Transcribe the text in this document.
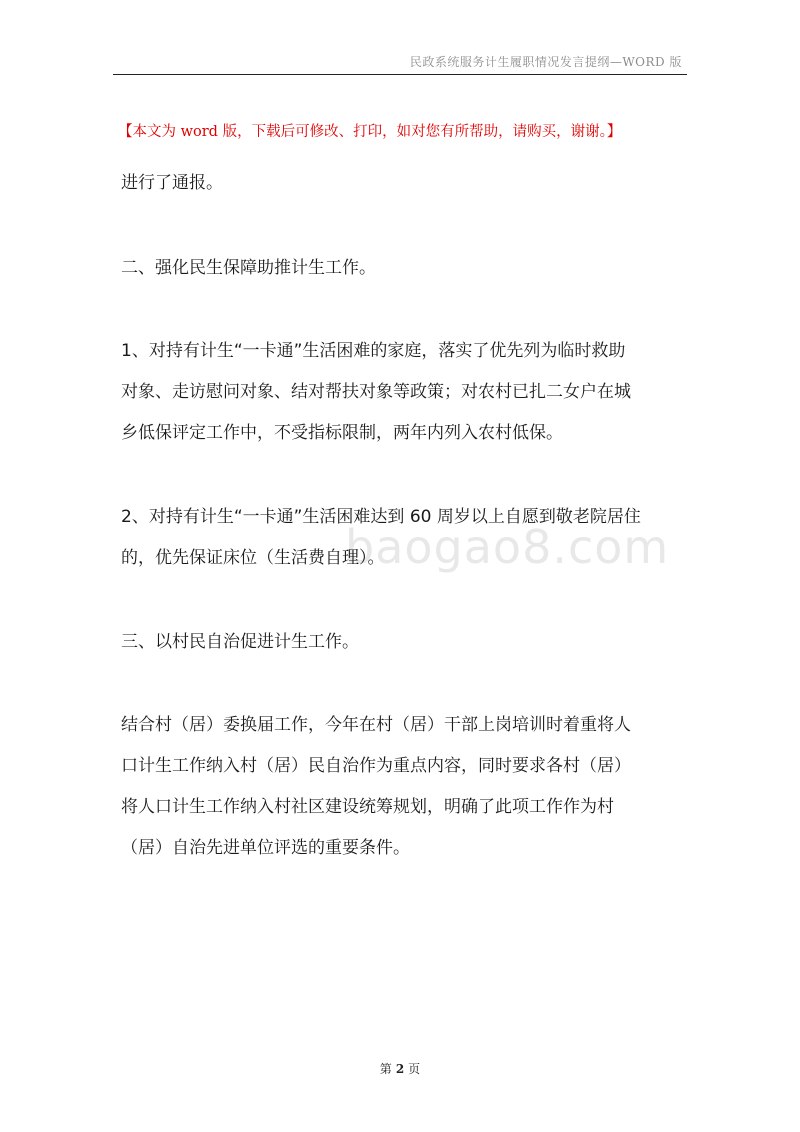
民政系统服务计生履职情况发言提纲—WORD 版
【本文为 word 版，下载后可修改、打印，如对您有所帮助，请购买，谢谢。】
baogao8.com
进行了通报。
二、强化民生保障助推计生工作。
1、对持有计生“一卡通”生活困难的家庭，落实了优先列为临时救助
对象、走访慰问对象、结对帮扶对象等政策；对农村已扎二女户在城
乡低保评定工作中，不受指标限制，两年内列入农村低保。
2、对持有计生“一卡通”生活困难达到 60 周岁以上自愿到敬老院居住
的，优先保证床位（生活费自理）。
三、以村民自治促进计生工作。
结合村（居）委换届工作，今年在村（居）干部上岗培训时着重将人
口计生工作纳入村（居）民自治作为重点内容，同时要求各村（居）
将人口计生工作纳入村社区建设统筹规划，明确了此项工作作为村
（居）自治先进单位评选的重要条件。
第 2 页
